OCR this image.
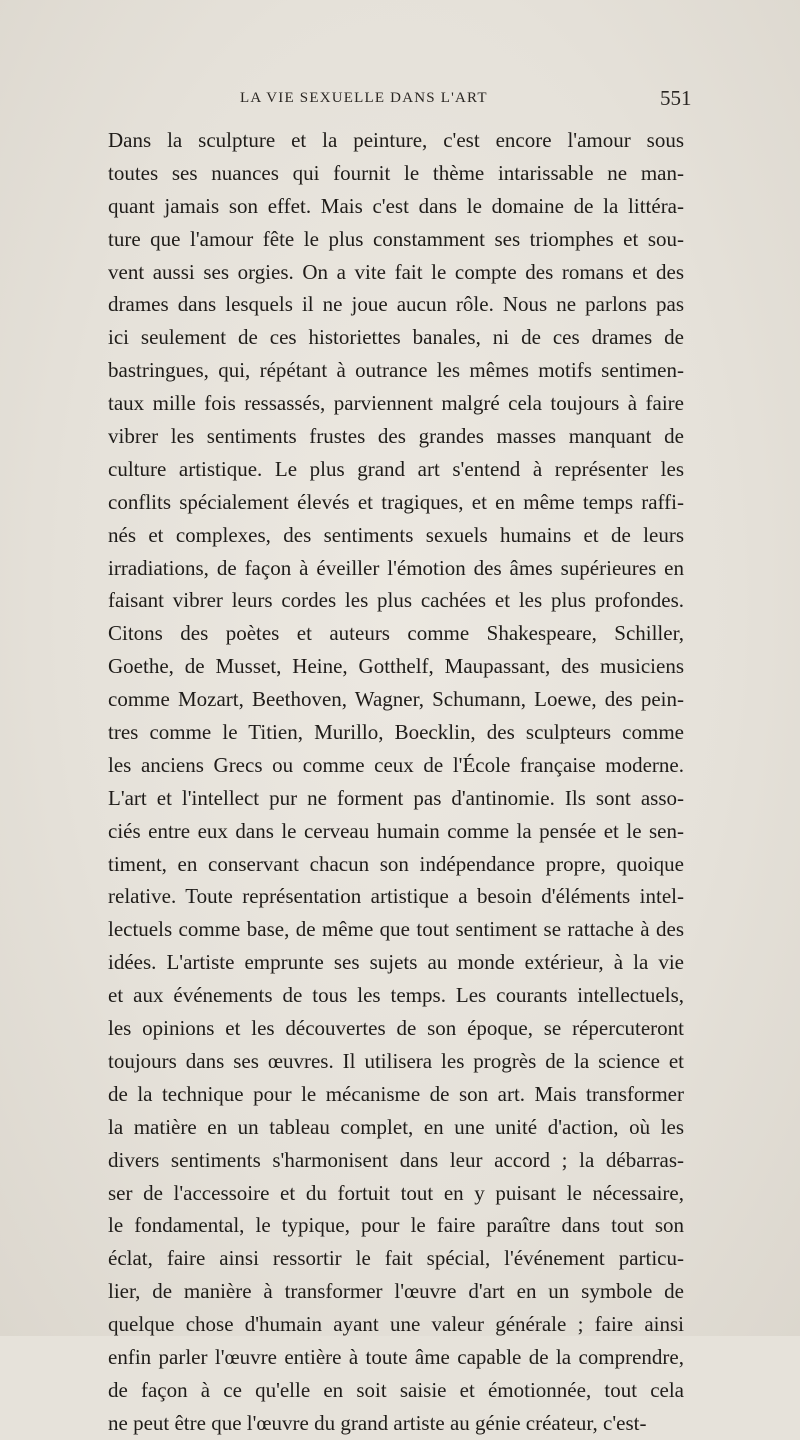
LA VIE SEXUELLE DANS L'ART	551
Dans la sculpture et la peinture, c'est encore l'amour sous
toutes ses nuances qui fournit le thème intarissable ne man-
quant jamais son effet. Mais c'est dans le domaine de la littéra-
ture que l'amour fête le plus constamment ses triomphes et sou-
vent aussi ses orgies. On a vite fait le compte des romans et des
drames dans lesquels il ne joue aucun rôle. Nous ne parlons pas
ici seulement de ces historiettes banales, ni de ces drames de
bastringues, qui, répétant à outrance les mêmes motifs sentimen-
taux mille fois ressassés, parviennent malgré cela toujours à faire
vibrer les sentiments frustes des grandes masses manquant de
culture artistique. Le plus grand art s'entend à représenter les
conflits spécialement élevés et tragiques, et en même temps raffi-
nés et complexes, des sentiments sexuels humains et de leurs
irradiations, de façon à éveiller l'émotion des âmes supérieures en
faisant vibrer leurs cordes les plus cachées et les plus profondes.
Citons des poètes et auteurs comme Shakespeare, Schiller,
Goethe, de Musset, Heine, Gotthelf, Maupassant, des musiciens
comme Mozart, Beethoven, Wagner, Schumann, Loewe, des pein-
tres comme le Titien, Murillo, Boecklin, des sculpteurs comme
les anciens Grecs ou comme ceux de l'École française moderne.
L'art et l'intellect pur ne forment pas d'antinomie. Ils sont asso-
ciés entre eux dans le cerveau humain comme la pensée et le sen-
timent, en conservant chacun son indépendance propre, quoique
relative. Toute représentation artistique a besoin d'éléments intel-
lectuels comme base, de même que tout sentiment se rattache à des
idées. L'artiste emprunte ses sujets au monde extérieur, à la vie
et aux événements de tous les temps. Les courants intellectuels,
les opinions et les découvertes de son époque, se répercuteront
toujours dans ses œuvres. Il utilisera les progrès de la science et
de la technique pour le mécanisme de son art. Mais transformer
la matière en un tableau complet, en une unité d'action, où les
divers sentiments s'harmonisent dans leur accord ; la débarras-
ser de l'accessoire et du fortuit tout en y puisant le nécessaire,
le fondamental, le typique, pour le faire paraître dans tout son
éclat, faire ainsi ressortir le fait spécial, l'événement particu-
lier, de manière à transformer l'œuvre d'art en un symbole de
quelque chose d'humain ayant une valeur générale ; faire ainsi
enfin parler l'œuvre entière à toute âme capable de la comprendre,
de façon à ce qu'elle en soit saisie et émotionnée, tout cela
ne peut être que l'œuvre du grand artiste au génie créateur, c'est-
